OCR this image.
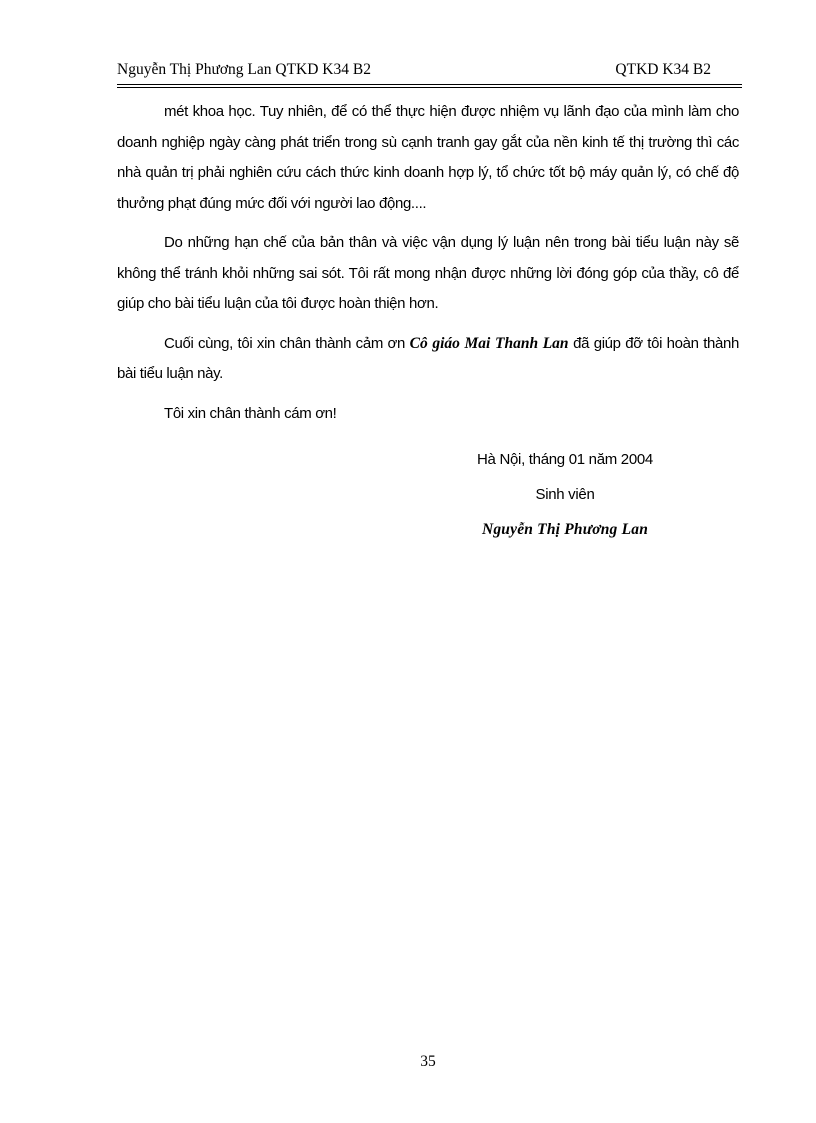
Nguyễn Thị Phương Lan QTKD K34 B2	QTKD K34 B2

mét khoa học. Tuy nhiên, để có thể thực hiện được nhiệm vụ lãnh đạo của mình làm cho doanh nghiệp ngày càng phát triển trong sù cạnh tranh gay gắt của nền kinh tế thị trường thì các nhà quản trị phải nghiên cứu cách thức kinh doanh hợp lý, tổ chức tốt bộ máy quản lý, có chế độ thưởng phạt đúng mức đối với người lao động....

Do những hạn chế của bản thân và việc vận dụng lý luận nên trong bài tiểu luận này sẽ không thể tránh khỏi những sai sót. Tôi rất mong nhận được những lời đóng góp của thầy, cô để giúp cho bài tiểu luận của tôi được hoàn thiện hơn.

Cuối cùng, tôi xin chân thành cảm ơn Cô giáo Mai Thanh Lan đã giúp đỡ tôi hoàn thành bài tiểu luận này.

Tôi xin chân thành cám ơn!

Hà Nội, tháng 01 năm 2004
Sinh viên
Nguyễn Thị Phương Lan
35
